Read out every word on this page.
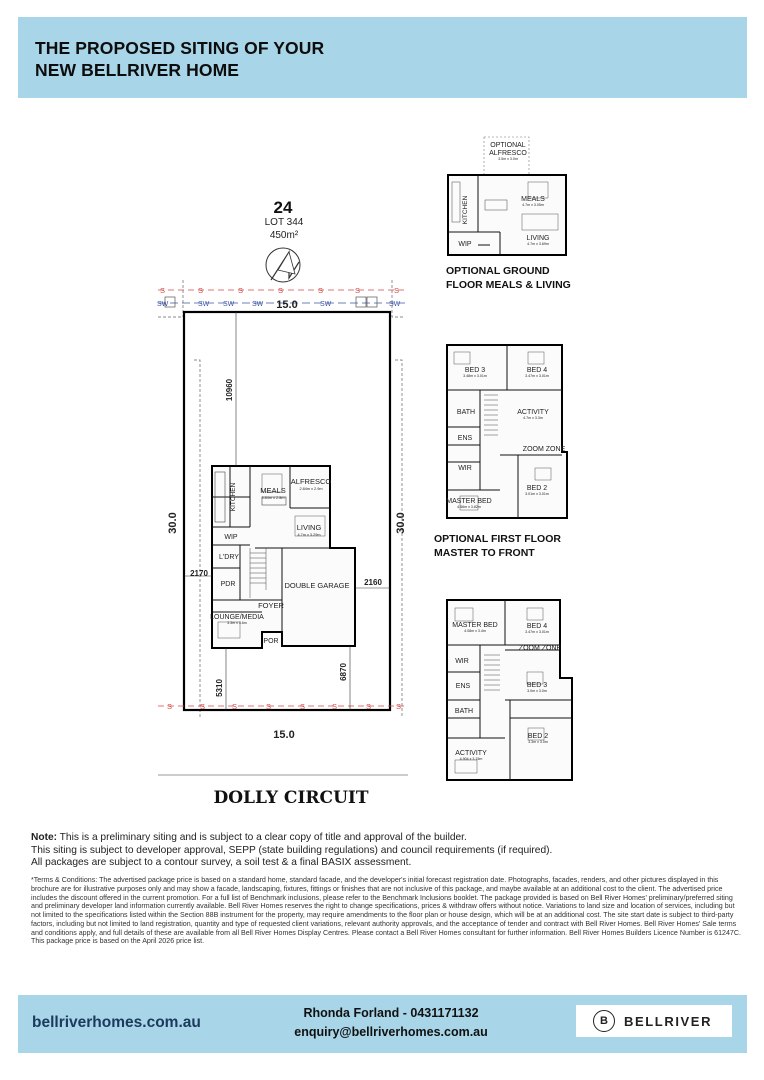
THE PROPOSED SITING OF YOUR
NEW BELLRIVER HOME
24
LOT 344
450m²
S	S	S	S	S	S	S
SW	SW SW	SW	SW	SW
15.0
15.0
30.0	30.0
S	S	S	S	S	S	S	S
ALFRESCO
2.84m x 2.9m
MEALS
3.84m x 2.8m
KITCHEN
WIP
LIVING
4.7m x 3.29m
L'DRY
PDR	DOUBLE GARAGE
FOYER
LOUNGE/MEDIA
3.3m x 3.6m
POR
10960
2170
2160
5310
6870
DOLLY CIRCUIT
OPTIONAL
ALFRESCO
3.5m x 3.0m
MEALS
4.7m x 3.05m
KITCHEN
LIVING
4.7m x 3.69m
WIP
OPTIONAL GROUND
FLOOR MEALS & LIVING
BED 3
3.48m x 3.01m
BED 4
3.47m x 3.01m
BATH	ACTIVITY
4.7m x 3.3m
ENS
ZOOM ZONE
WIR
BED 2
3.01m x 3.01m
MASTER BED
4.56m x 3.82m
OPTIONAL FIRST FLOOR
MASTER TO FRONT
MASTER BED
4.08m x 3.4m
BED 4
3.47m x 3.01m
ZOOM ZONE
WIR
BED 3
3.0m x 3.0m
ENS
BATH
BED 2
3.3m x 3.0m
ACTIVITY
4.904 x 3.15m
Note: This is a preliminary siting and is subject to a clear copy of title and approval of the builder.
This siting is subject to developer approval, SEPP (state building regulations) and council requirements (if required).
All packages are subject to a contour survey, a soil test & a final BASIX assessment.
*Terms & Conditions: The advertised package price is based on a standard home, standard facade, and the developer's initial forecast registration date. Photographs, facades, renders, and other pictures displayed in this brochure are for illustrative purposes only and may show a facade, landscaping, fixtures, fittings or finishes that are not inclusive of this package, and maybe available at an additional cost to the client. The advertised price includes the discount offered in the current promotion. For a full list of Benchmark inclusions, please refer to the Benchmark Inclusions booklet. The package provided is based on Bell River Homes' preliminary/preferred siting and preliminary developer land information currently available. Bell River Homes reserves the right to change specifications, prices & withdraw offers without notice. Variations to land size and location of services, including but not limited to the specifications listed within the Section 88B instrument for the property, may require amendments to the floor plan or house design, which will be at an additional cost. The site start date is subject to third-party factors, including but not limited to land registration, quantity and type of requested client variations, relevant authority approvals, and the acceptance of tender and contract with Bell River Homes. Bell River Homes' Sale terms and conditions apply, and full details of these are available from all Bell River Homes Display Centres. Please contact a Bell River Homes consultant for further information. Bell River Homes Builders Licence Number is 61247C. This package price is based on the April 2026 price list.
bellriverhomes.com.au
Rhonda Forland - 0431171132
enquiry@bellriverhomes.com.au
B	BELLRIVER
